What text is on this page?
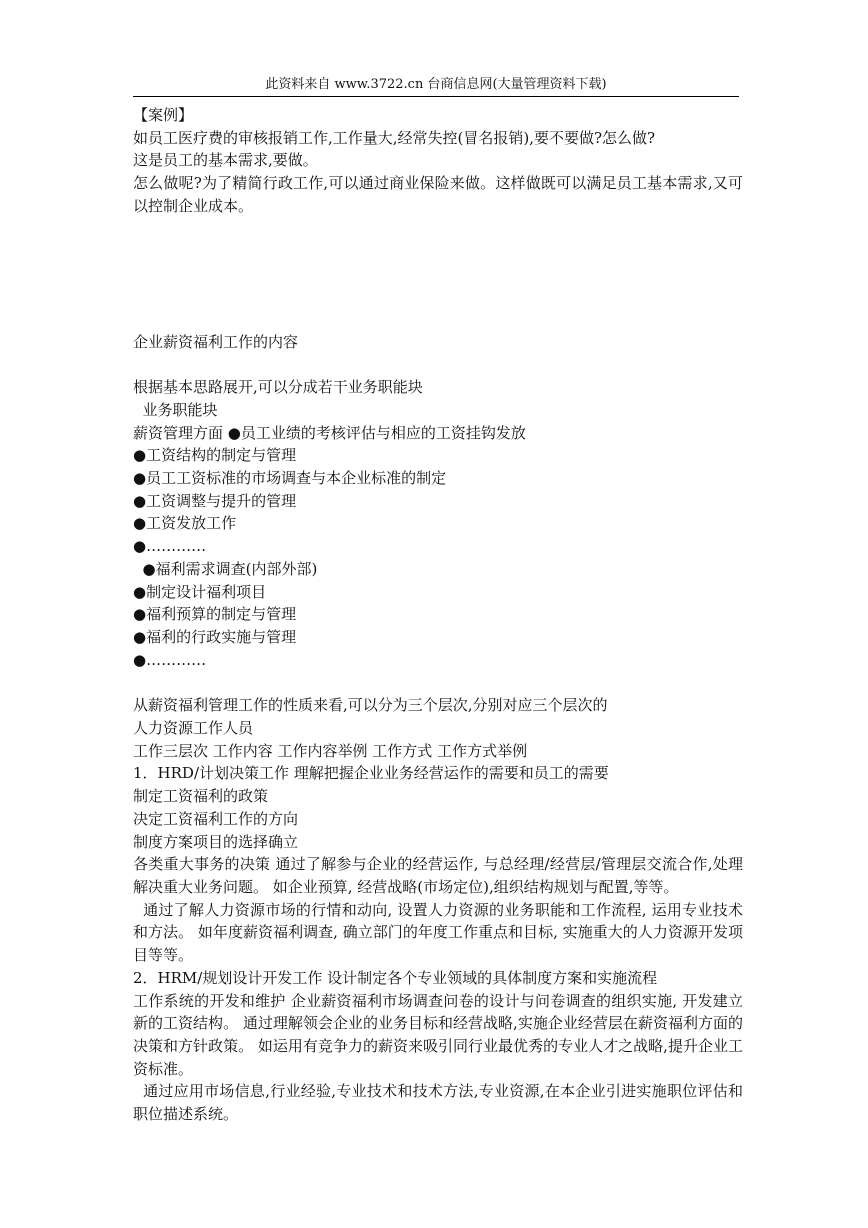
此资料来自 www.3722.cn 台商信息网(大量管理资料下载)

【案例】

如员工医疗费的审核报销工作,工作量大,经常失控(冒名报销),要不要做?怎么做?

这是员工的基本需求,要做。

怎么做呢?为了精简行政工作,可以通过商业保险来做。这样做既可以满足员工基本需求,又可以控制企业成本。

企业薪资福利工作的内容

根据基本思路展开,可以分成若干业务职能块

业务职能块

薪资管理方面 ●员工业绩的考核评估与相应的工资挂钩发放

●工资结构的制定与管理

●员工工资标准的市场调查与本企业标准的制定

●工资调整与提升的管理

●工资发放工作

●…………

●福利需求调查(内部外部)

●制定设计福利项目

●福利预算的制定与管理

●福利的行政实施与管理

●…………

从薪资福利管理工作的性质来看,可以分为三个层次,分别对应三个层次的

人力资源工作人员

工作三层次 工作内容 工作内容举例 工作方式 工作方式举例

1．HRD/计划决策工作 理解把握企业业务经营运作的需要和员工的需要

制定工资福利的政策

决定工资福利工作的方向

制度方案项目的选择确立

各类重大事务的决策 通过了解参与企业的经营运作, 与总经理/经营层/管理层交流合作,处理解决重大业务问题。 如企业预算, 经营战略(市场定位),组织结构规划与配置,等等。

通过了解人力资源市场的行情和动向, 设置人力资源的业务职能和工作流程, 运用专业技术和方法。 如年度薪资福利调查, 确立部门的年度工作重点和目标, 实施重大的人力资源开发项目等等。

2．HRM/规划设计开发工作 设计制定各个专业领域的具体制度方案和实施流程

工作系统的开发和维护 企业薪资福利市场调查问卷的设计与问卷调查的组织实施, 开发建立新的工资结构。 通过理解领会企业的业务目标和经营战略,实施企业经营层在薪资福利方面的决策和方针政策。 如运用有竞争力的薪资来吸引同行业最优秀的专业人才之战略,提升企业工资标准。

通过应用市场信息,行业经验,专业技术和技术方法,专业资源,在本企业引进实施职位评估和职位描述系统。
